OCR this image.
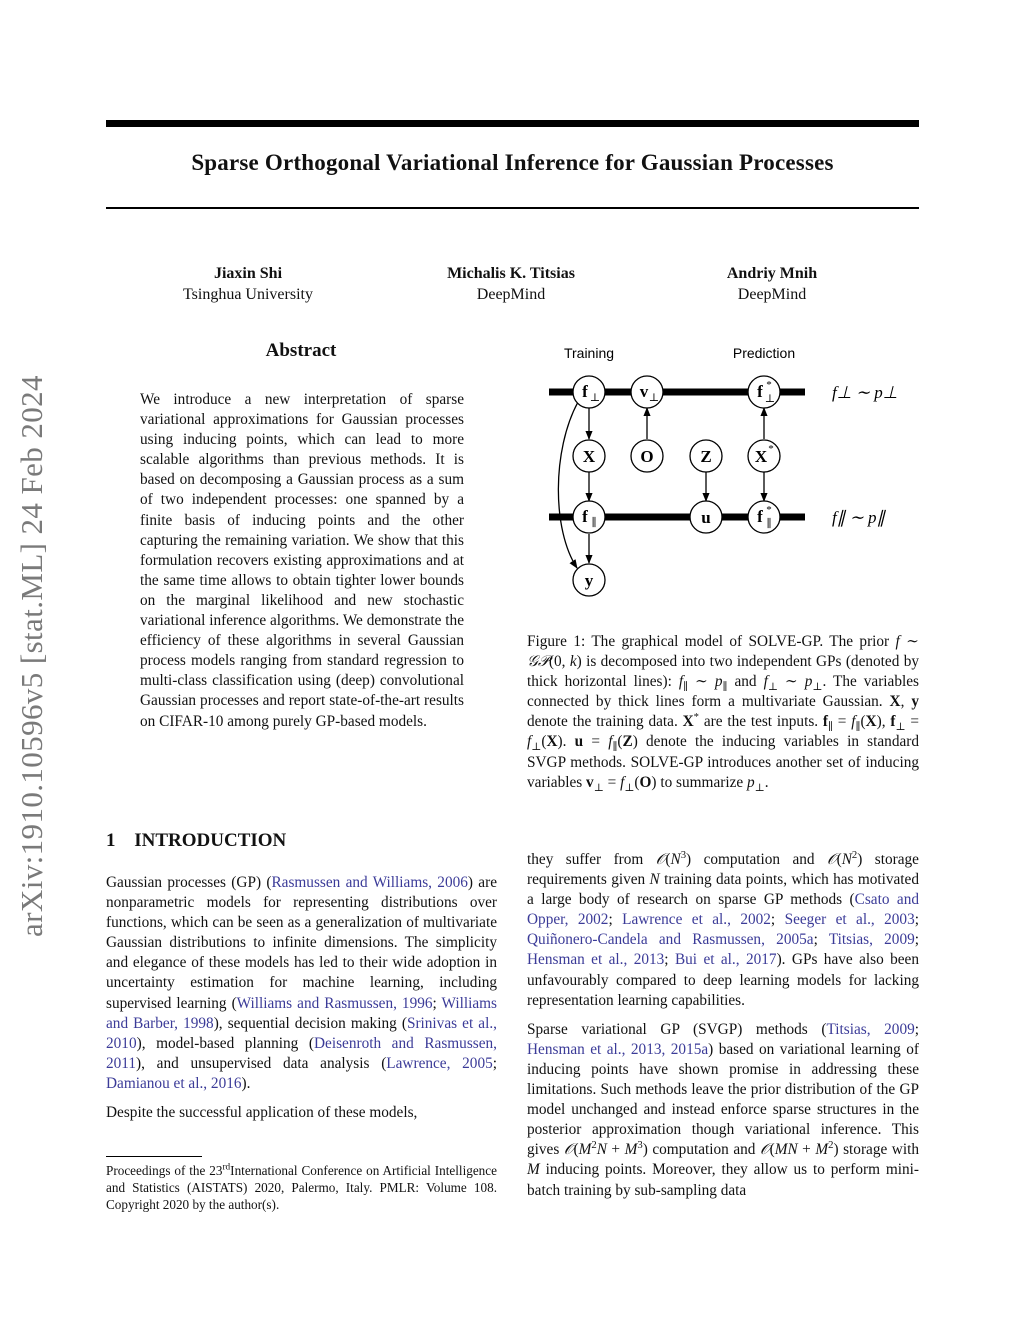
arXiv:1910.10596v5 [stat.ML] 24 Feb 2024
Sparse Orthogonal Variational Inference for Gaussian Processes
Jiaxin Shi
Tsinghua University
Michalis K. Titsias
DeepMind
Andriy Mnih
DeepMind
Abstract
We introduce a new interpretation of sparse variational approximations for Gaussian processes using inducing points, which can lead to more scalable algorithms than previous methods. It is based on decomposing a Gaussian process as a sum of two independent processes: one spanned by a finite basis of inducing points and the other capturing the remaining variation. We show that this formulation recovers existing approximations and at the same time allows to obtain tighter lower bounds on the marginal likelihood and new stochastic variational inference algorithms. We demonstrate the efficiency of these algorithms in several Gaussian process models ranging from standard regression to multi-class classification using (deep) convolutional Gaussian processes and report state-of-the-art results on CIFAR-10 among purely GP-based models.
Training	Prediction
f ⊥ v ⊥	f *
⊥
X	O	Z	X *
f ∥	u	f *
∥
y
f⊥ ∼ p⊥
f∥ ∼ p∥
Figure 1: The graphical model of SOLVE-GP. The prior f ∼ 𝒢𝒫(0, k) is decomposed into two independent GPs (denoted by thick horizontal lines): $f_\parallel$ ∼ $p_\parallel$ and $f_\perp$ ∼ $p_\perp$. The variables connected by thick lines form a multivariate Gaussian. X, y denote the training data. X* are the test inputs. $f_\parallel = f_\parallel(X)$, $f_\perp = f_\perp(X)$. $u = f_\parallel(Z)$ denote the inducing variables in standard SVGP methods. SOLVE-GP introduces another set of inducing variables $v_\perp = f_\perp(O)$ to summarize $p_\perp$.
1 INTRODUCTION

Gaussian processes (GP) (Rasmussen and Williams, 2006) are nonparametric models for representing distributions over functions, which can be seen as a generalization of multivariate Gaussian distributions to infinite dimensions. The simplicity and elegance of these models has led to their wide adoption in uncertainty estimation for machine learning, including supervised learning (Williams and Rasmussen, 1996; Williams and Barber, 1998), sequential decision making (Srinivas et al., 2010), model-based planning (Deisenroth and Rasmussen, 2011), and unsupervised data analysis (Lawrence, 2005; Damianou et al., 2016).

Despite the successful application of these models,

Proceedings of the 23rdInternational Conference on Artificial Intelligence and Statistics (AISTATS) 2020, Palermo, Italy. PMLR: Volume 108. Copyright 2020 by the author(s).

they suffer from $𝒪(N^3)$ computation and $𝒪(N^2)$ storage requirements given N training data points, which has motivated a large body of research on sparse GP methods (Csato and Opper, 2002; Lawrence et al., 2002; Seeger et al., 2003; Quiñonero-Candela and Rasmussen, 2005a; Titsias, 2009; Hensman et al., 2013; Bui et al., 2017). GPs have also been unfavourably compared to deep learning models for lacking representation learning capabilities.

Sparse variational GP (SVGP) methods (Titsias, 2009; Hensman et al., 2013, 2015a) based on variational learning of inducing points have shown promise in addressing these limitations. Such methods leave the prior distribution of the GP model unchanged and instead enforce sparse structures in the posterior approximation though variational inference. This gives $𝒪(M^2N + M^3)$ computation and 𝒪(MN + $M^2$) storage with M inducing points. Moreover, they allow us to perform mini-batch training by sub-sampling data
